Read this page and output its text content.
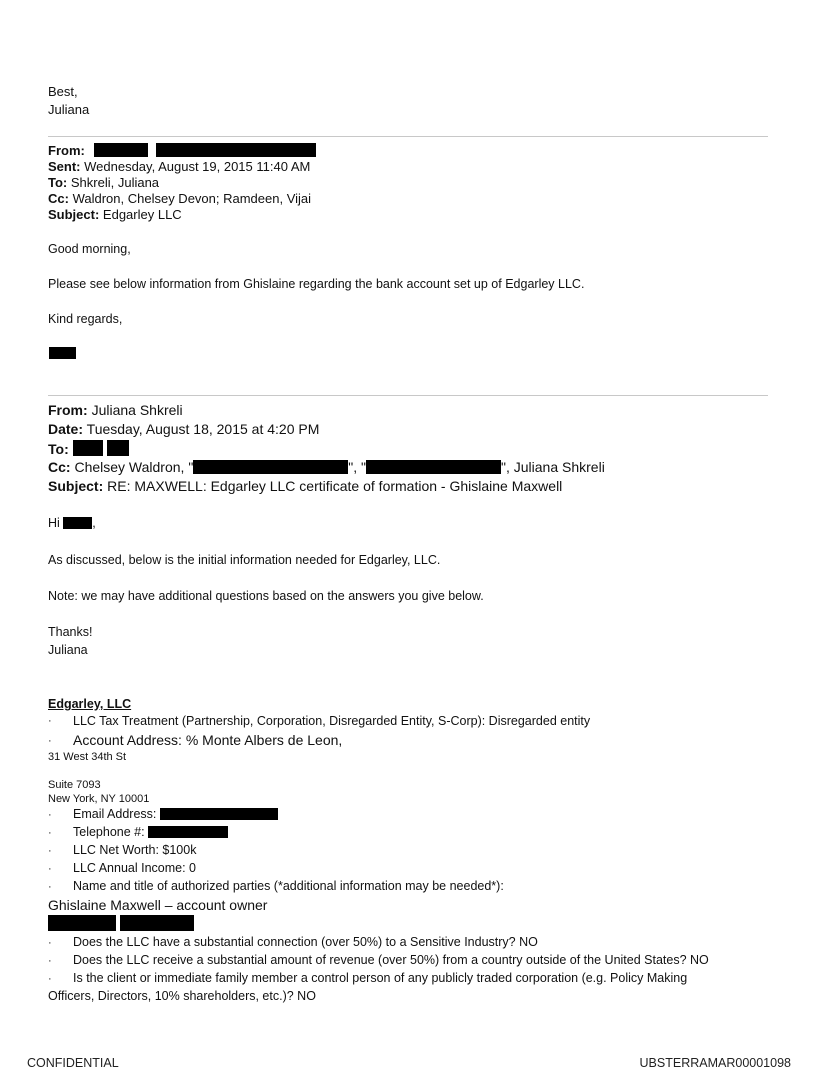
Best,
Juliana
From:
Sent: Wednesday, August 19, 2015 11:40 AM
To: Shkreli, Juliana
Cc: Waldron, Chelsey Devon; Ramdeen, Vijai
Subject: Edgarley LLC
Good morning,
Please see below information from Ghislaine regarding the bank account set up of Edgarley LLC.
Kind regards,
From: Juliana Shkreli
Date: Tuesday, August 18, 2015 at 4:20 PM
To:
Cc: Chelsey Waldron, "	", "	", Juliana Shkreli
Subject: RE: MAXWELL: Edgarley LLC certificate of formation - Ghislaine Maxwell
Hi	,
As discussed, below is the initial information needed for Edgarley, LLC.
Note: we may have additional questions based on the answers you give below.
Thanks!
Juliana
Edgarley, LLC
· LLC Tax Treatment (Partnership, Corporation, Disregarded Entity, S-Corp): Disregarded entity
· Account Address: % Monte Albers de Leon,
31 West 34th St
Suite 7093
New York, NY 10001
· Email Address:
· Telephone #:
· LLC Net Worth: $100k
· LLC Annual Income: 0
· Name and title of authorized parties (*additional information may be needed*):
Ghislaine Maxwell – account owner
· Does the LLC have a substantial connection (over 50%) to a Sensitive Industry? NO
· Does the LLC receive a substantial amount of revenue (over 50%) from a country outside of the United States? NO
· Is the client or immediate family member a control person of any publicly traded corporation (e.g. Policy Making
Officers, Directors, 10% shareholders, etc.)? NO
CONFIDENTIAL	UBSTERRAMAR00001098
